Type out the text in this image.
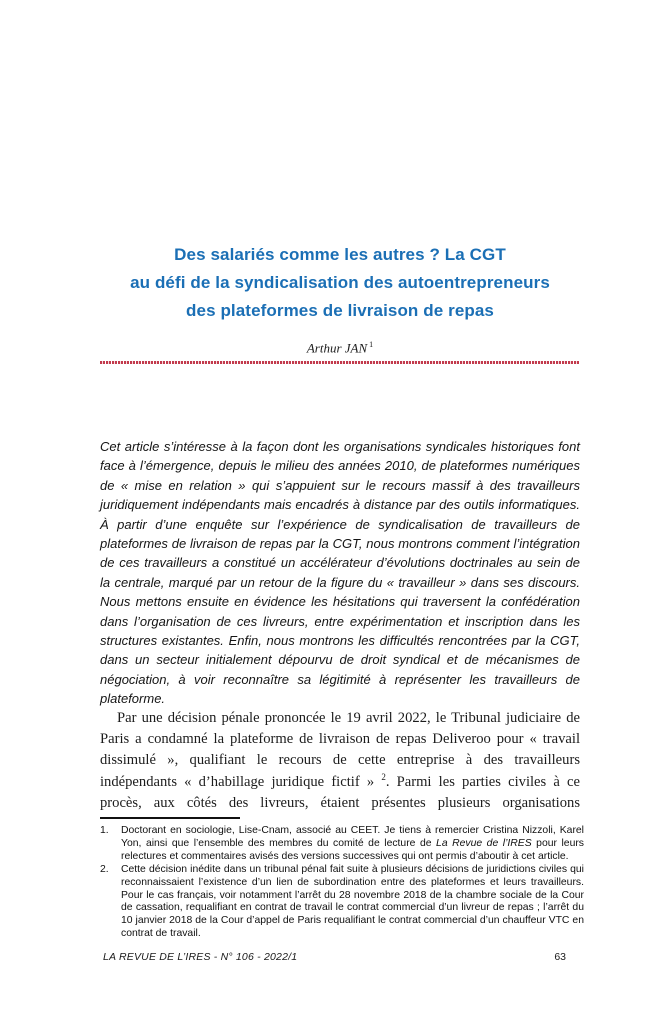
Des salariés comme les autres ? La CGT
au défi de la syndicalisation des autoentrepreneurs
des plateformes de livraison de repas
Arthur JAN $^1$
Cet article s’intéresse à la façon dont les organisations syndicales historiques font face à l’émergence, depuis le milieu des années 2010, de plateformes numériques de « mise en relation » qui s’appuient sur le recours massif à des travailleurs juridiquement indépendants mais encadrés à distance par des outils informatiques. À partir d’une enquête sur l’expérience de syndicalisation de travailleurs de plateformes de livraison de repas par la CGT, nous montrons comment l’intégration de ces travailleurs a constitué un accélérateur d’évolutions doctrinales au sein de la centrale, marqué par un retour de la figure du « travailleur » dans ses discours. Nous mettons ensuite en évidence les hésitations qui traversent la confédération dans l’organisation de ces livreurs, entre expérimentation et inscription dans les structures existantes. Enfin, nous montrons les difficultés rencontrées par la CGT, dans un secteur initialement dépourvu de droit syndical et de mécanismes de négociation, à voir reconnaître sa légitimité à représenter les travailleurs de plateforme.
Par une décision pénale prononcée le 19 avril 2022, le Tribunal judiciaire de Paris a condamné la plateforme de livraison de repas Deliveroo pour « travail dissimulé », qualifiant le recours de cette entreprise à des travailleurs indépendants « d’habillage juridique fictif » $^2$. Parmi les parties civiles à ce procès, aux côtés des livreurs, étaient présentes plusieurs organisations
1.	Doctorant en sociologie, Lise-Cnam, associé au CEET. Je tiens à remercier Cristina Nizzoli, Karel Yon, ainsi que l’ensemble des membres du comité de lecture de La Revue de l’IRES pour leurs relectures et commentaires avisés des versions successives qui ont permis d’aboutir à cet article.
2.	Cette décision inédite dans un tribunal pénal fait suite à plusieurs décisions de juridictions civiles qui reconnaissaient l’existence d’un lien de subordination entre des plateformes et leurs travailleurs. Pour le cas français, voir notamment l’arrêt du 28 novembre 2018 de la chambre sociale de la Cour de cassation, requalifiant en contrat de travail le contrat commercial d’un livreur de repas ; l’arrêt du 10 janvier 2018 de la Cour d’appel de Paris requalifiant le contrat commercial d’un chauffeur VTC en contrat de travail.
LA REVUE DE L’IRES - N° 106 - 2022/1	63
